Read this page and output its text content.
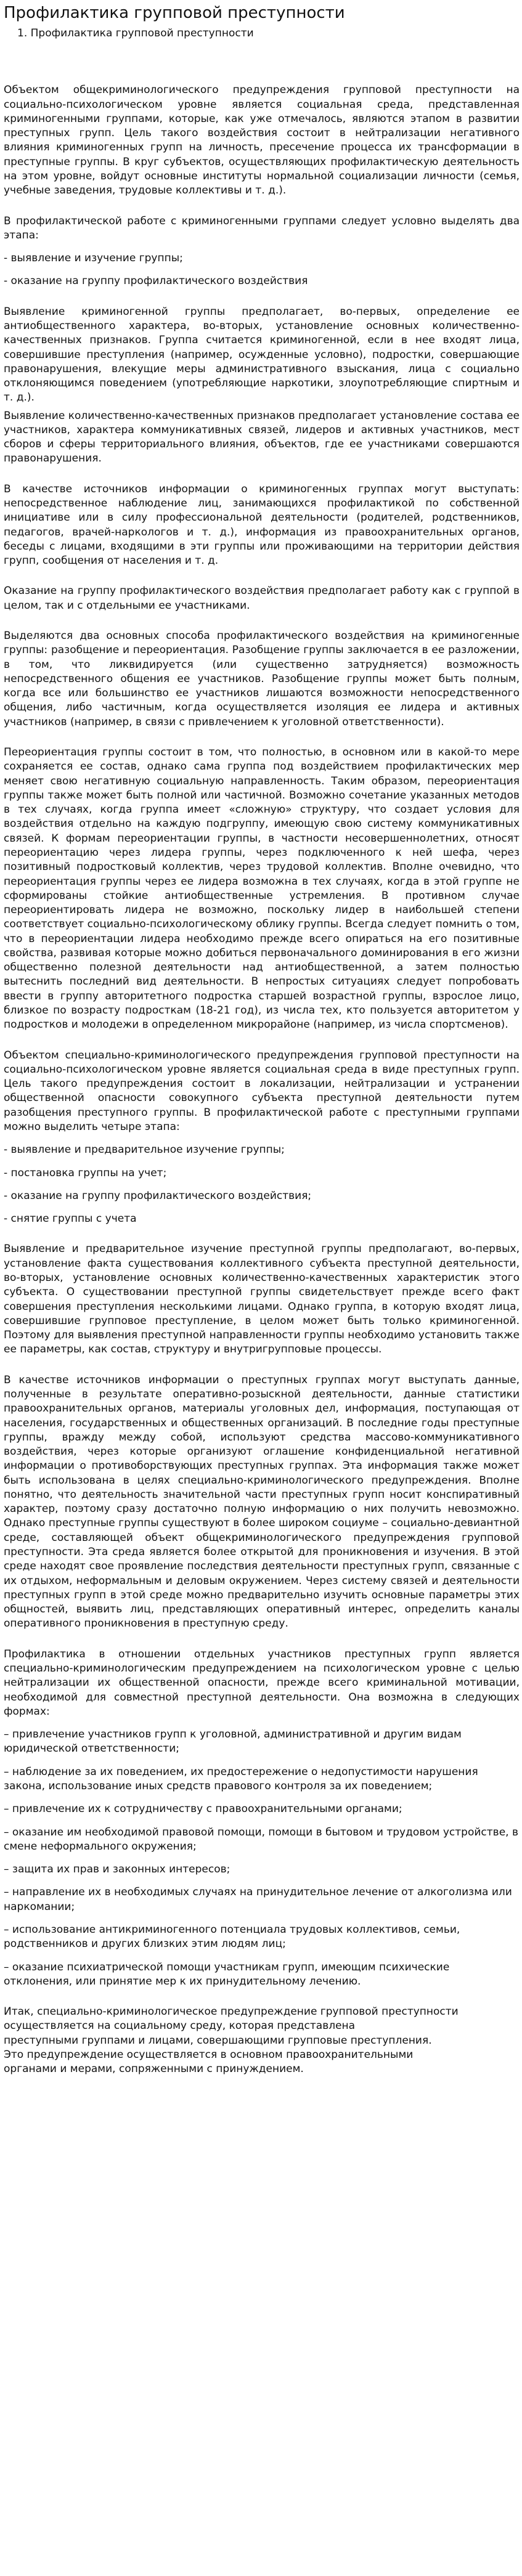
Профилактика групповой преступности
1. Профилактика групповой преступности

Объектом общекриминологического предупреждения групповой преступности на социально-психологическом уровне является социальная среда, представленная криминогенными группами, которые, как уже отмечалось, являются этапом в развитии преступных групп. Цель такого воздействия состоит в нейтрализации негативного влияния криминогенных групп на личность, пресечение процесса их трансформации в преступные группы. В круг субъектов, осуществляющих профилактическую деятельность на этом уровне, войдут основные институты нормальной социализации личности (семья, учебные заведения, трудовые коллективы и т. д.).

В профилактической работе с криминогенными группами следует условно выделять два этапа:

- выявление и изучение группы;

- оказание на группу профилактического воздействия

Выявление криминогенной группы предполагает, во-первых, определение ее антиобщественного характера, во-вторых, установление основных количественно-качественных признаков. Группа считается криминогенной, если в нее входят лица, совершившие преступления (например, осужденные условно), подростки, совершающие правонарушения, влекущие меры административного взыскания, лица с социально отклоняющимся поведением (употребляющие наркотики, злоупотребляющие спиртным и т. д.).

Выявление количественно-качественных признаков предполагает установление состава ее участников, характера коммуникативных связей, лидеров и активных участников, мест сборов и сферы территориального влияния, объектов, где ее участниками совершаются правонарушения.

В качестве источников информации о криминогенных группах могут выступать: непосредственное наблюдение лиц, занимающихся профилактикой по собственной инициативе или в силу профессиональной деятельности (родителей, родственников, педагогов, врачей-наркологов и т. д.), информация из правоохранительных органов, беседы с лицами, входящими в эти группы или проживающими на территории действия групп, сообщения от населения и т. д.

Оказание на группу профилактического воздействия предполагает работу как с группой в целом, так и с отдельными ее участниками.

Выделяются два основных способа профилактического воздействия на криминогенные группы: разобщение и переориентация. Разобщение группы заключается в ее разложении, в том, что ликвидируется (или существенно затрудняется) возможность непосредственного общения ее участников. Разобщение группы может быть полным, когда все или большинство ее участников лишаются возможности непосредственного общения, либо частичным, когда осуществляется изоляция ее лидера и активных участников (например, в связи с привлечением к уголовной ответственности).

Переориентация группы состоит в том, что полностью, в основном или в какой-то мере сохраняется ее состав, однако сама группа под воздействием профилактических мер меняет свою негативную социальную направленность. Таким образом, переориентация группы также может быть полной или частичной. Возможно сочетание указанных методов в тех случаях, когда группа имеет «сложную» структуру, что создает условия для воздействия отдельно на каждую подгруппу, имеющую свою систему коммуникативных связей. К формам переориентации группы, в частности несовершеннолетних, относят переориентацию через лидера группы, через подключенного к ней шефа, через позитивный подростковый коллектив, через трудовой коллектив. Вполне очевидно, что переориентация группы через ее лидера возможна в тех случаях, когда в этой группе не сформированы стойкие антиобщественные устремления. В противном случае переориентировать лидера не возможно, поскольку лидер в наибольшей степени соответствует социально-психологическому облику группы. Всегда следует помнить о том, что в переориентации лидера необходимо прежде всего опираться на его позитивные свойства, развивая которые можно добиться первоначального доминирования в его жизни общественно полезной деятельности над антиобщественной, а затем полностью вытеснить последний вид деятельности. В непростых ситуациях следует попробовать ввести в группу авторитетного подростка старшей возрастной группы, взрослое лицо, близкое по возрасту подросткам (18-21 год), из числа тех, кто пользуется авторитетом у подростков и молодежи в определенном микрорайоне (например, из числа спортсменов).

Объектом специально-криминологического предупреждения групповой преступности на социально-психологическом уровне является социальная среда в виде преступных групп. Цель такого предупреждения состоит в локализации, нейтрализации и устранении общественной опасности совокупного субъекта преступной деятельности путем разобщения преступного группы. В профилактической работе с преступными группами можно выделить четыре этапа:

- выявление и предварительное изучение группы;

- постановка группы на учет;

- оказание на группу профилактического воздействия;

- снятие группы с учета

Выявление и предварительное изучение преступной группы предполагают, во-первых, установление факта существования коллективного субъекта преступной деятельности, во-вторых, установление основных количественно-качественных характеристик этого субъекта. О существовании преступной группы свидетельствует прежде всего факт совершения преступления несколькими лицами. Однако группа, в которую входят лица, совершившие групповое преступление, в целом может быть только криминогенной. Поэтому для выявления преступной направленности группы необходимо установить также ее параметры, как состав, структуру и внутригрупповые процессы.

В качестве источников информации о преступных группах могут выступать данные, полученные в результате оперативно-розыскной деятельности, данные статистики правоохранительных органов, материалы уголовных дел, информация, поступающая от населения, государственных и общественных организаций. В последние годы преступные группы, вражду между собой, используют средства массово-коммуникативного воздействия, через которые организуют оглашение конфиденциальной негативной информации о противоборствующих преступных группах. Эта информация также может быть использована в целях специально-криминологического предупреждения. Вполне понятно, что деятельность значительной части преступных групп носит конспиративный характер, поэтому сразу достаточно полную информацию о них получить невозможно. Однако преступные группы существуют в более широком социуме – социально-девиантной среде, составляющей объект общекриминологического предупреждения групповой преступности. Эта среда является более открытой для проникновения и изучения. В этой среде находят свое проявление последствия деятельности преступных групп, связанные с их отдыхом, неформальным и деловым окружением. Через систему связей и деятельности преступных групп в этой среде можно предварительно изучить основные параметры этих общностей, выявить лиц, представляющих оперативный интерес, определить каналы оперативного проникновения в преступную среду.

Профилактика в отношении отдельных участников преступных групп является специально-криминологическим предупреждением на психологическом уровне с целью нейтрализации их общественной опасности, прежде всего криминальной мотивации, необходимой для совместной преступной деятельности. Она возможна в следующих формах:

– привлечение участников групп к уголовной, административной и другим видам юридической ответственности;

– наблюдение за их поведением, их предостережение о недопустимости нарушения закона, использование иных средств правового контроля за их поведением;

– привлечение их к сотрудничеству с правоохранительными органами;

– оказание им необходимой правовой помощи, помощи в бытовом и трудовом устройстве, в смене неформального окружения;

– защита их прав и законных интересов;

– направление их в необходимых случаях на принудительное лечение от алкоголизма или наркомании;

– использование антикриминогенного потенциала трудовых коллективов, семьи, родственников и других близких этим людям лиц;

– оказание психиатрической помощи участникам групп, имеющим психические отклонения, или принятие мер к их принудительному лечению.

Итак, специально-криминологическое предупреждение групповой преступности осуществляется на социальному среду, которая представлена

преступными группами и лицами, совершающими групповые преступления.

Это предупреждение осуществляется в основном правоохранительными

органами и мерами, сопряженными с принуждением.
